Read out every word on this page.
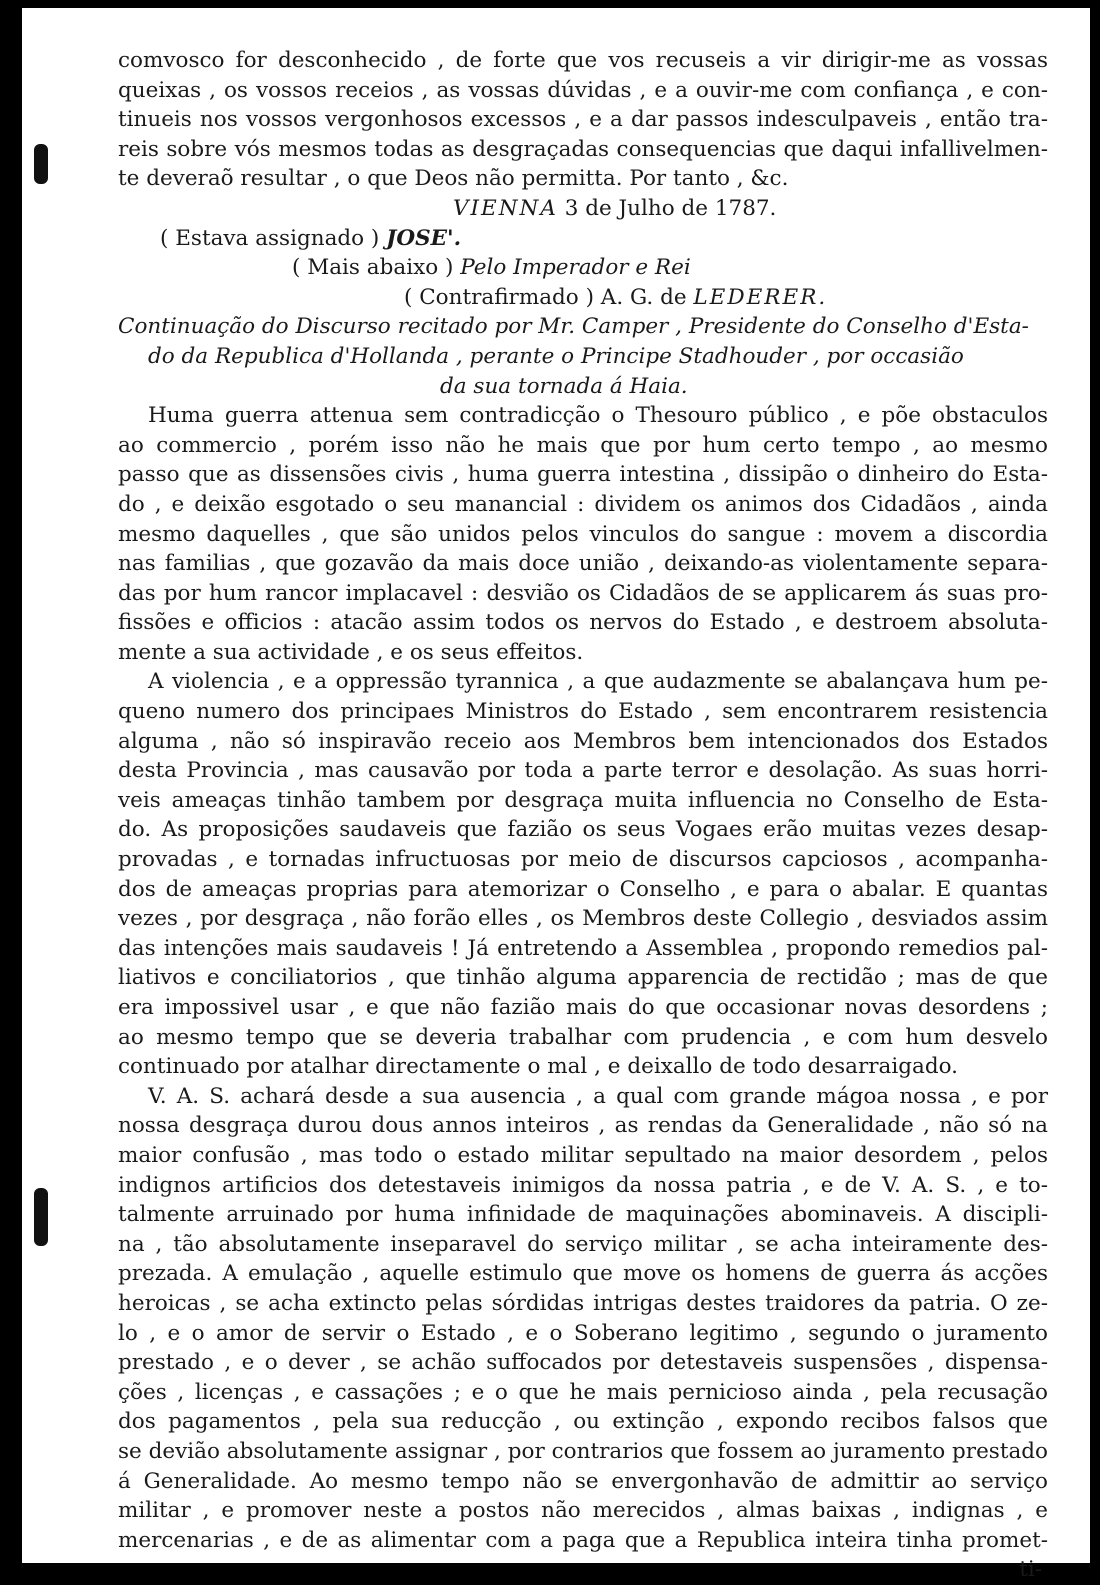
comvosco for desconhecido , de forte que vos recuseis a vir dirigir-me as vossas
queixas , os vossos receios , as vossas dúvidas , e a ouvir-me com confiança , e con-
tinueis nos vossos vergonhosos excessos , e a dar passos indesculpaveis , então tra-
reis sobre vós mesmos todas as desgraçadas consequencias que daqui infallivelmen-
te deveraõ resultar , o que Deos não permitta. Por tanto , &c.
VIENNA 3 de Julho de 1787.
( Estava assignado ) JOSE'.
( Mais abaixo ) Pelo Imperador e Rei
( Contrafirmado ) A. G. de LEDERER.
Continuação do Discurso recitado por Mr. Camper , Presidente do Conselho d'Esta-
do da Republica d'Hollanda , perante o Principe Stadhouder , por occasião
da sua tornada á Haia.
Huma guerra attenua sem contradicção o Thesouro público , e põe obstaculos
ao commercio , porém isso não he mais que por hum certo tempo , ao mesmo
passo que as dissensões civis , huma guerra intestina , dissipão o dinheiro do Esta-
do , e deixão esgotado o seu manancial : dividem os animos dos Cidadãos , ainda
mesmo daquelles , que são unidos pelos vinculos do sangue : movem a discordia
nas familias , que gozavão da mais doce união , deixando-as violentamente separa-
das por hum rancor implacavel : desvião os Cidadãos de se applicarem ás suas pro-
fissões e officios : atacão assim todos os nervos do Estado , e destroem absoluta-
mente a sua actividade , e os seus effeitos.
A violencia , e a oppressão tyrannica , a que audazmente se abalançava hum pe-
queno numero dos principaes Ministros do Estado , sem encontrarem resistencia
alguma , não só inspiravão receio aos Membros bem intencionados dos Estados
desta Provincia , mas causavão por toda a parte terror e desolação. As suas horri-
veis ameaças tinhão tambem por desgraça muita influencia no Conselho de Esta-
do. As proposições saudaveis que fazião os seus Vogaes erão muitas vezes desap-
provadas , e tornadas infructuosas por meio de discursos capciosos , acompanha-
dos de ameaças proprias para atemorizar o Conselho , e para o abalar. E quantas
vezes , por desgraça , não forão elles , os Membros deste Collegio , desviados assim
das intenções mais saudaveis ! Já entretendo a Assemblea , propondo remedios pal-
liativos e conciliatorios , que tinhão alguma apparencia de rectidão ; mas de que
era impossivel usar , e que não fazião mais do que occasionar novas desordens ;
ao mesmo tempo que se deveria trabalhar com prudencia , e com hum desvelo
continuado por atalhar directamente o mal , e deixallo de todo desarraigado.
V. A. S. achará desde a sua ausencia , a qual com grande mágoa nossa , e por
nossa desgraça durou dous annos inteiros , as rendas da Generalidade , não só na
maior confusão , mas todo o estado militar sepultado na maior desordem , pelos
indignos artificios dos detestaveis inimigos da nossa patria , e de V. A. S. , e to-
talmente arruinado por huma infinidade de maquinações abominaveis. A discipli-
na , tão absolutamente inseparavel do serviço militar , se acha inteiramente des-
prezada. A emulação , aquelle estimulo que move os homens de guerra ás acções
heroicas , se acha extincto pelas sórdidas intrigas destes traidores da patria. O ze-
lo , e o amor de servir o Estado , e o Soberano legitimo , segundo o juramento
prestado , e o dever , se achão suffocados por detestaveis suspensões , dispensa-
ções , licenças , e cassações ; e o que he mais pernicioso ainda , pela recusação
dos pagamentos , pela sua reducção , ou extinção , expondo recibos falsos que
se devião absolutamente assignar , por contrarios que fossem ao juramento prestado
á Generalidade. Ao mesmo tempo não se envergonhavão de admittir ao serviço
militar , e promover neste a postos não merecidos , almas baixas , indignas , e
mercenarias , e de as alimentar com a paga que a Republica inteira tinha promet-
ti-
